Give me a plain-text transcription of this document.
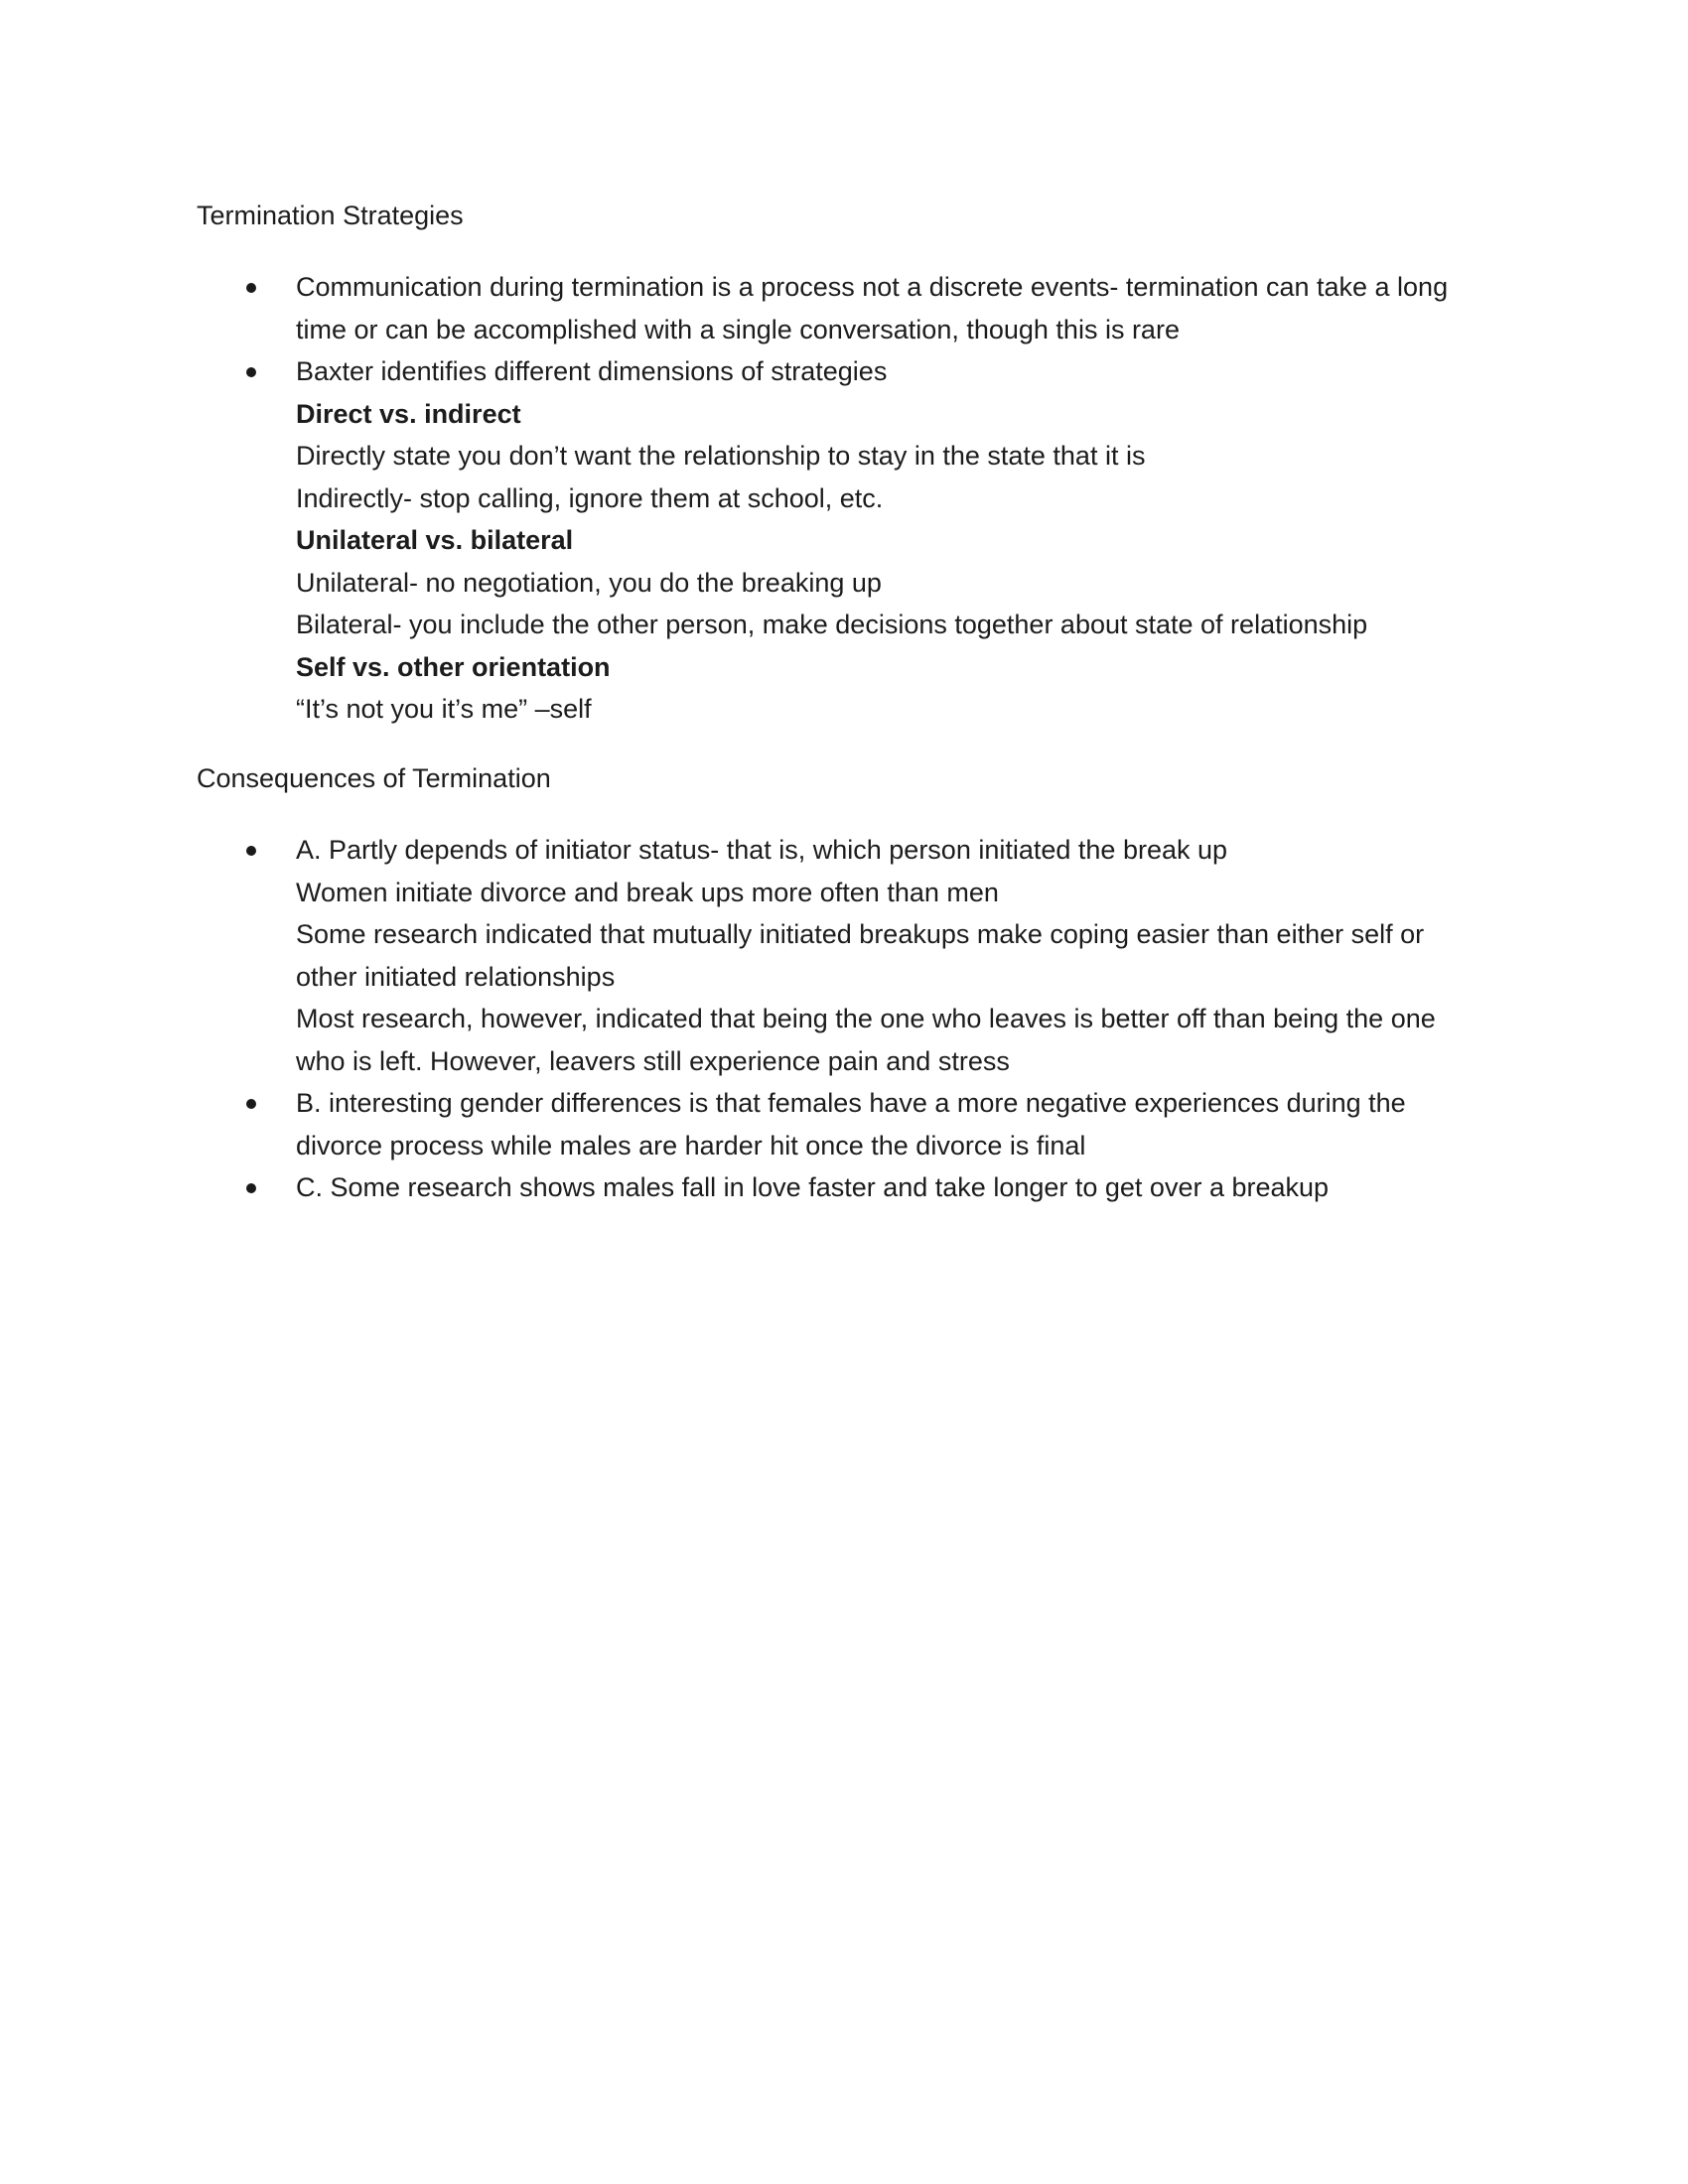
Termination Strategies
Communication during termination is a process not a discrete events- termination can take a long time or can be accomplished with a single conversation, though this is rare
Baxter identifies different dimensions of strategies
Direct vs. indirect
Directly state you don’t want the relationship to stay in the state that it is
Indirectly- stop calling, ignore them at school, etc.
Unilateral vs. bilateral
Unilateral- no negotiation, you do the breaking up
Bilateral- you include the other person, make decisions together about state of relationship
Self vs. other orientation
“It’s not you it’s me” –self
Consequences of Termination
A. Partly depends of initiator status- that is, which person initiated the break up
Women initiate divorce and break ups more often than men
Some research indicated that mutually initiated breakups make coping easier than either self or other initiated relationships
Most research, however, indicated that being the one who leaves is better off than being the one who is left. However, leavers still experience pain and stress
B. interesting gender differences is that females have a more negative experiences during the divorce process while males are harder hit once the divorce is final
C. Some research shows males fall in love faster and take longer to get over a breakup
